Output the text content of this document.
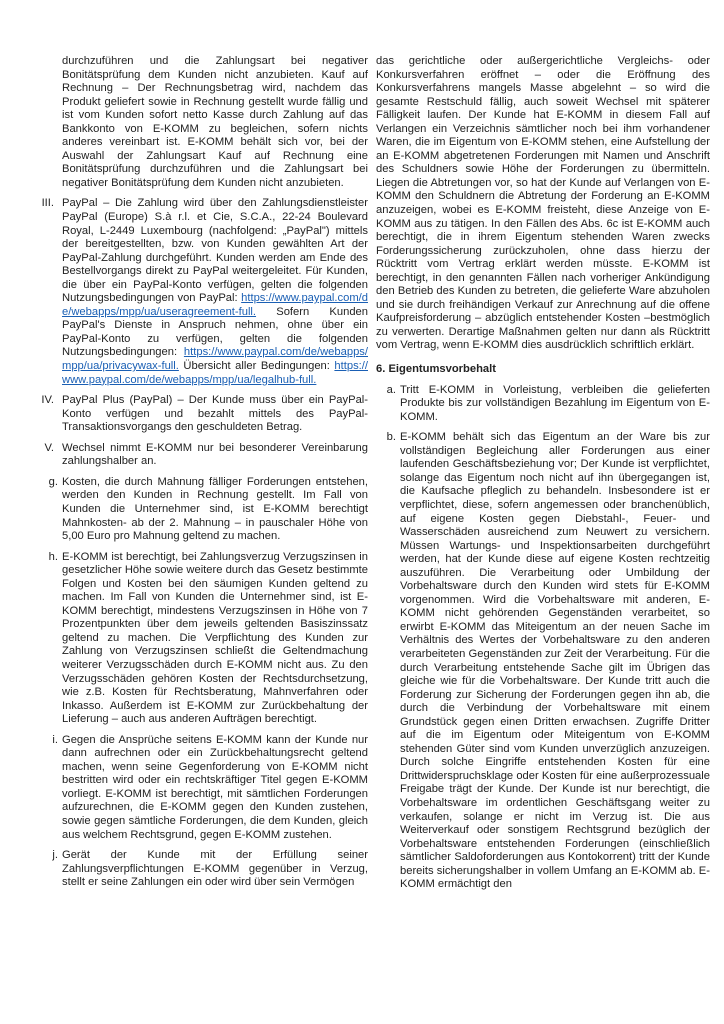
durchzuführen und die Zahlungsart bei negativer Bonitätsprüfung dem Kunden nicht anzubieten. Kauf auf Rechnung – Der Rechnungsbetrag wird, nachdem das Produkt geliefert sowie in Rechnung gestellt wurde fällig und ist vom Kunden sofort netto Kasse durch Zahlung auf das Bankkonto von E-KOMM zu begleichen, sofern nichts anderes vereinbart ist. E-KOMM behält sich vor, bei der Auswahl der Zahlungsart Kauf auf Rechnung eine Bonitätsprüfung durchzuführen und die Zahlungsart bei negativer Bonitätsprüfung dem Kunden nicht anzubieten.

III. PayPal – Die Zahlung wird über den Zahlungsdienstleister PayPal (Europe) S.à r.l. et Cie, S.C.A., 22-24 Boulevard Royal, L-2449 Luxembourg (nachfolgend: „PayPal") mittels der bereitgestellten, bzw. von Kunden gewählten Art der PayPal-Zahlung durchgeführt. Kunden werden am Ende des Bestellvorgangs direkt zu PayPal weitergeleitet. Für Kunden, die über ein PayPal-Konto verfügen, gelten die folgenden Nutzungsbedingungen von PayPal: https://www.paypal.com/de/webapps/mpp/ua/useragreement-full. Sofern Kunden PayPal's Dienste in Anspruch nehmen, ohne über ein PayPal-Konto zu verfügen, gelten die folgenden Nutzungsbedingungen: https://www.paypal.com/de/webapps/mpp/ua/privacywax-full. Übersicht aller Bedingungen: https://www.paypal.com/de/webapps/mpp/ua/legalhub-full.

IV. PayPal Plus (PayPal) – Der Kunde muss über ein PayPal-Konto verfügen und bezahlt mittels des PayPal-Transaktionsvorgangs den geschuldeten Betrag.

V. Wechsel nimmt E-KOMM nur bei besonderer Vereinbarung zahlungshalber an.

g. Kosten, die durch Mahnung fälliger Forderungen entstehen, werden den Kunden in Rechnung gestellt. Im Fall von Kunden die Unternehmer sind, ist E-KOMM berechtigt Mahnkosten- ab der 2. Mahnung – in pauschaler Höhe von 5,00 Euro pro Mahnung geltend zu machen.

h. E-KOMM ist berechtigt, bei Zahlungsverzug Verzugszinsen in gesetzlicher Höhe sowie weitere durch das Gesetz bestimmte Folgen und Kosten bei den säumigen Kunden geltend zu machen. Im Fall von Kunden die Unternehmer sind, ist E-KOMM berechtigt, mindestens Verzugszinsen in Höhe von 7 Prozentpunkten über dem jeweils geltenden Basiszinssatz geltend zu machen. Die Verpflichtung des Kunden zur Zahlung von Verzugszinsen schließt die Geltendmachung weiterer Verzugsschäden durch E-KOMM nicht aus. Zu den Verzugsschäden gehören Kosten der Rechtsdurchsetzung, wie z.B. Kosten für Rechtsberatung, Mahnverfahren oder Inkasso. Außerdem ist E-KOMM zur Zurückbehaltung der Lieferung – auch aus anderen Aufträgen berechtigt.

i. Gegen die Ansprüche seitens E-KOMM kann der Kunde nur dann aufrechnen oder ein Zurückbehaltungsrecht geltend machen, wenn seine Gegenforderung von E-KOMM nicht bestritten wird oder ein rechtskräftiger Titel gegen E-KOMM vorliegt. E-KOMM ist berechtigt, mit sämtlichen Forderungen aufzurechnen, die E-KOMM gegen den Kunden zustehen, sowie gegen sämtliche Forderungen, die dem Kunden, gleich aus welchem Rechtsgrund, gegen E-KOMM zustehen.

j. Gerät der Kunde mit der Erfüllung seiner Zahlungsverpflichtungen E-KOMM gegenüber in Verzug, stellt er seine Zahlungen ein oder wird über sein Vermögen

das gerichtliche oder außergerichtliche Vergleichs- oder Konkursverfahren eröffnet – oder die Eröffnung des Konkursverfahrens mangels Masse abgelehnt – so wird die gesamte Restschuld fällig, auch soweit Wechsel mit späterer Fälligkeit laufen. Der Kunde hat E-KOMM in diesem Fall auf Verlangen ein Verzeichnis sämtlicher noch bei ihm vorhandener Waren, die im Eigentum von E-KOMM stehen, eine Aufstellung der an E-KOMM abgetretenen Forderungen mit Namen und Anschrift des Schuldners sowie Höhe der Forderungen zu übermitteln. Liegen die Abtretungen vor, so hat der Kunde auf Verlangen von E-KOMM den Schuldnern die Abtretung der Forderung an E-KOMM anzuzeigen, wobei es E-KOMM freisteht, diese Anzeige von E-KOMM aus zu tätigen. In den Fällen des Abs. 6c ist E-KOMM auch berechtigt, die in ihrem Eigentum stehenden Waren zwecks Forderungssicherung zurückzuholen, ohne dass hierzu der Rücktritt vom Vertrag erklärt werden müsste. E-KOMM ist berechtigt, in den genannten Fällen nach vorheriger Ankündigung den Betrieb des Kunden zu betreten, die gelieferte Ware abzuholen und sie durch freihändigen Verkauf zur Anrechnung auf die offene Kaufpreisforderung – abzüglich entstehender Kosten –bestmöglich zu verwerten. Derartige Maßnahmen gelten nur dann als Rücktritt vom Vertrag, wenn E-KOMM dies ausdrücklich schriftlich erklärt.

6. Eigentumsvorbehalt
a. Tritt E-KOMM in Vorleistung, verbleiben die gelieferten Produkte bis zur vollständigen Bezahlung im Eigentum von E-KOMM.

b. E-KOMM behält sich das Eigentum an der Ware bis zur vollständigen Begleichung aller Forderungen aus einer laufenden Geschäftsbeziehung vor; Der Kunde ist verpflichtet, solange das Eigentum noch nicht auf ihn übergegangen ist, die Kaufsache pfleglich zu behandeln. Insbesondere ist er verpflichtet, diese, sofern angemessen oder branchenüblich, auf eigene Kosten gegen Diebstahl-, Feuer- und Wasserschäden ausreichend zum Neuwert zu versichern. Müssen Wartungs- und Inspektionsarbeiten durchgeführt werden, hat der Kunde diese auf eigene Kosten rechtzeitig auszuführen. Die Verarbeitung oder Umbildung der Vorbehaltsware durch den Kunden wird stets für E-KOMM vorgenommen. Wird die Vorbehaltsware mit anderen, E-KOMM nicht gehörenden Gegenständen verarbeitet, so erwirbt E-KOMM das Miteigentum an der neuen Sache im Verhältnis des Wertes der Vorbehaltsware zu den anderen verarbeiteten Gegenständen zur Zeit der Verarbeitung. Für die durch Verarbeitung entstehende Sache gilt im Übrigen das gleiche wie für die Vorbehaltsware. Der Kunde tritt auch die Forderung zur Sicherung der Forderungen gegen ihn ab, die durch die Verbindung der Vorbehaltsware mit einem Grundstück gegen einen Dritten erwachsen. Zugriffe Dritter auf die im Eigentum oder Miteigentum von E-KOMM stehenden Güter sind vom Kunden unverzüglich anzuzeigen. Durch solche Eingriffe entstehenden Kosten für eine Drittwiderspruchsklage oder Kosten für eine außerprozessuale Freigabe trägt der Kunde. Der Kunde ist nur berechtigt, die Vorbehaltsware im ordentlichen Geschäftsgang weiter zu verkaufen, solange er nicht im Verzug ist. Die aus Weiterverkauf oder sonstigem Rechtsgrund bezüglich der Vorbehaltsware entstehenden Forderungen (einschließlich sämtlicher Saldoforderungen aus Kontokorrent) tritt der Kunde bereits sicherungshalber in vollem Umfang an E-KOMM ab. E-KOMM ermächtigt den
